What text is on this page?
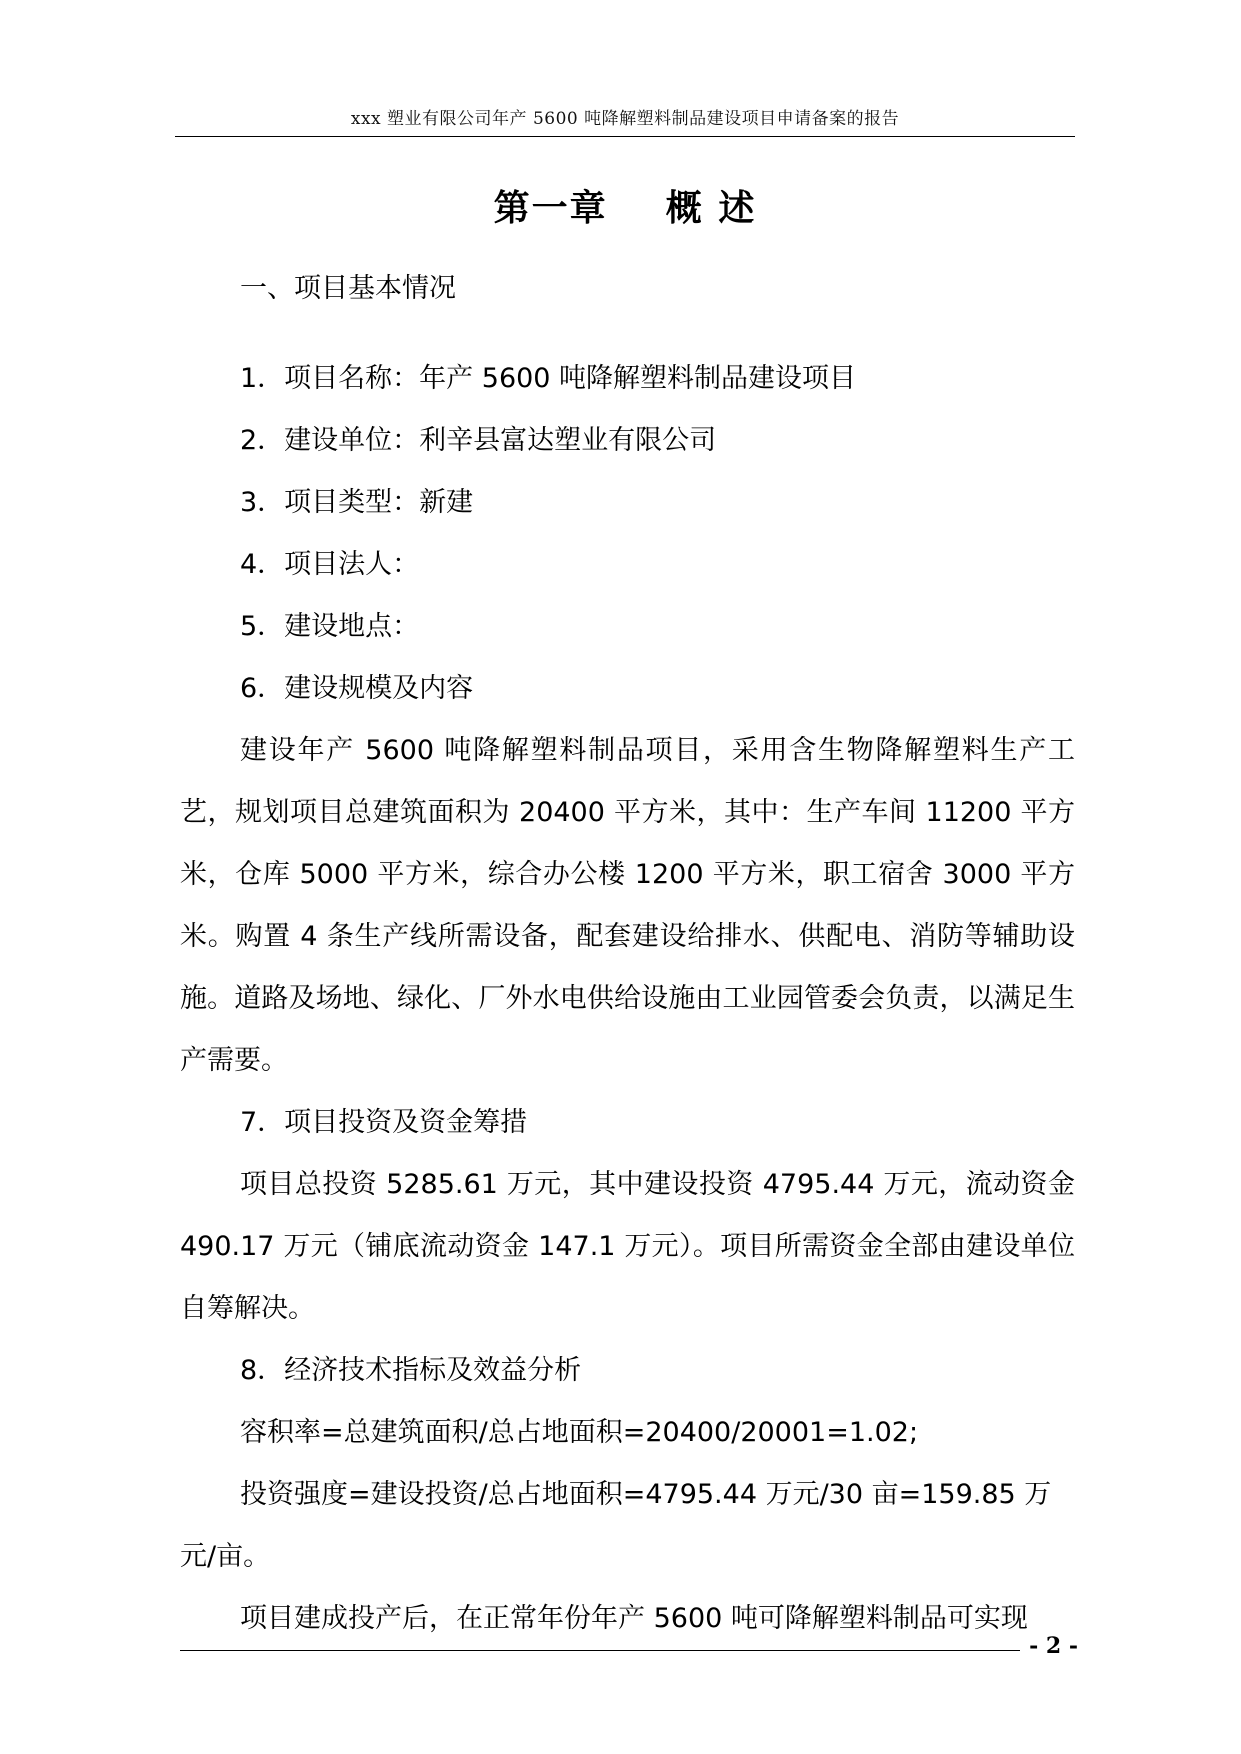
xxx 塑业有限公司年产 5600 吨降解塑料制品建设项目申请备案的报告
第一章    概 述

一、项目基本情况

1．项目名称：年产 5600 吨降解塑料制品建设项目

2．建设单位：利辛县富达塑业有限公司

3．项目类型：新建

4．项目法人：

5．建设地点：

6．建设规模及内容

建设年产 5600 吨降解塑料制品项目，采用含生物降解塑料生产工艺，规划项目总建筑面积为 20400 平方米，其中：生产车间 11200 平方米，仓库 5000 平方米，综合办公楼 1200 平方米，职工宿舍 3000 平方米。购置 4 条生产线所需设备，配套建设给排水、供配电、消防等辅助设施。道路及场地、绿化、厂外水电供给设施由工业园管委会负责，以满足生产需要。

7．项目投资及资金筹措

项目总投资 5285.61 万元，其中建设投资 4795.44 万元，流动资金 490.17 万元（铺底流动资金 147.1 万元）。项目所需资金全部由建设单位自筹解决。

8．经济技术指标及效益分析

容积率=总建筑面积/总占地面积=20400/20001=1.02;

投资强度=建设投资/总占地面积=4795.44 万元/30 亩=159.85 万元/亩。

项目建成投产后，在正常年份年产 5600 吨可降解塑料制品可实现

- 2 -
